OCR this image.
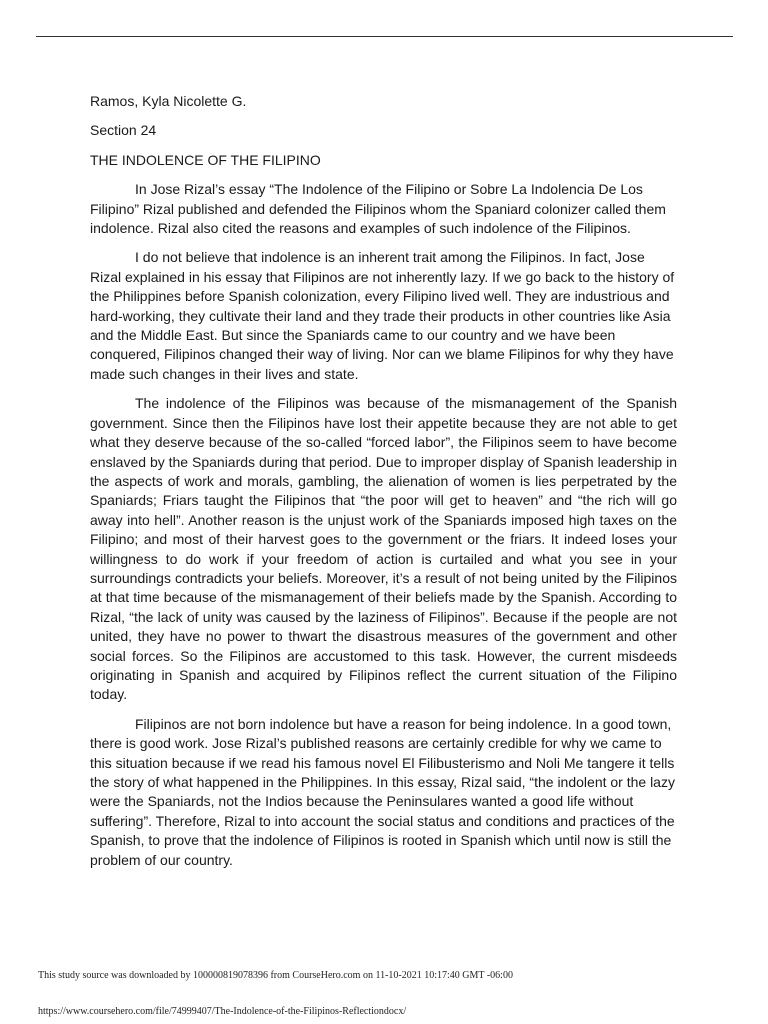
Ramos, Kyla Nicolette G.

Section 24

THE INDOLENCE OF THE FILIPINO

In Jose Rizal’s essay “The Indolence of the Filipino or Sobre La Indolencia De Los Filipino” Rizal published and defended the Filipinos whom the Spaniard colonizer called them indolence. Rizal also cited the reasons and examples of such indolence of the Filipinos.

I do not believe that indolence is an inherent trait among the Filipinos. In fact, Jose Rizal explained in his essay that Filipinos are not inherently lazy. If we go back to the history of the Philippines before Spanish colonization, every Filipino lived well. They are industrious and hard-working, they cultivate their land and they trade their products in other countries like Asia and the Middle East. But since the Spaniards came to our country and we have been conquered, Filipinos changed their way of living. Nor can we blame Filipinos for why they have made such changes in their lives and state.

The indolence of the Filipinos was because of the mismanagement of the Spanish government. Since then the Filipinos have lost their appetite because they are not able to get what they deserve because of the so-called “forced labor”, the Filipinos seem to have become enslaved by the Spaniards during that period. Due to improper display of Spanish leadership in the aspects of work and morals, gambling, the alienation of women is lies perpetrated by the Spaniards; Friars taught the Filipinos that “the poor will get to heaven” and “the rich will go away into hell”. Another reason is the unjust work of the Spaniards imposed high taxes on the Filipino; and most of their harvest goes to the government or the friars. It indeed loses your willingness to do work if your freedom of action is curtailed and what you see in your surroundings contradicts your beliefs. Moreover, it’s a result of not being united by the Filipinos at that time because of the mismanagement of their beliefs made by the Spanish. According to Rizal, “the lack of unity was caused by the laziness of Filipinos”. Because if the people are not united, they have no power to thwart the disastrous measures of the government and other social forces. So the Filipinos are accustomed to this task. However, the current misdeeds originating in Spanish and acquired by Filipinos reflect the current situation of the Filipino today.

Filipinos are not born indolence but have a reason for being indolence. In a good town, there is good work. Jose Rizal’s published reasons are certainly credible for why we came to this situation because if we read his famous novel El Filibusterismo and Noli Me tangere it tells the story of what happened in the Philippines. In this essay, Rizal said, “the indolent or the lazy were the Spaniards, not the Indios because the Peninsulares wanted a good life without suffering”. Therefore, Rizal to into account the social status and conditions and practices of the Spanish, to prove that the indolence of Filipinos is rooted in Spanish which until now is still the problem of our country.

This study source was downloaded by 100000819078396 from CourseHero.com on 11-10-2021 10:17:40 GMT -06:00
https://www.coursehero.com/file/74999407/The-Indolence-of-the-Filipinos-Reflectiondocx/
